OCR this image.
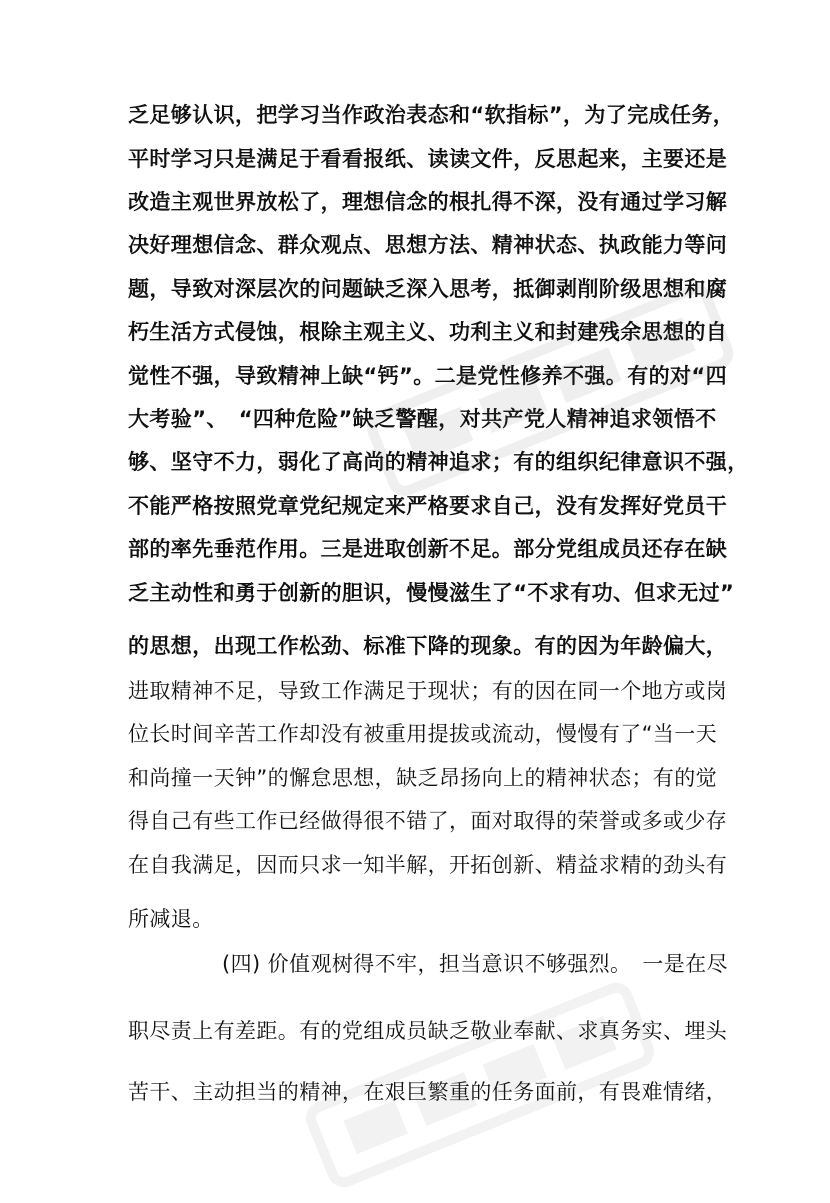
乏足够认识，把学习当作政治表态和“软指标”，为了完成任务，
平时学习只是满足于看看报纸、读读文件，反思起来，主要还是
改造主观世界放松了，理想信念的根扎得不深，没有通过学习解
决好理想信念、群众观点、思想方法、精神状态、执政能力等问
题，导致对深层次的问题缺乏深入思考，抵御剥削阶级思想和腐
朽生活方式侵蚀，根除主观主义、功利主义和封建残余思想的自
觉性不强，导致精神上缺“钙”。二是党性修养不强。有的对“四
大考验”、　“四种危险”缺乏警醒，对共产党人精神追求领悟不
够、坚守不力，弱化了高尚的精神追求；有的组织纪律意识不强，
不能严格按照党章党纪规定来严格要求自己，没有发挥好党员干
部的率先垂范作用。三是进取创新不足。部分党组成员还存在缺
乏主动性和勇于创新的胆识，慢慢滋生了“不求有功、但求无过”
的思想，出现工作松劲、标准下降的现象。有的因为年龄偏大，
进取精神不足，导致工作满足于现状；有的因在同一个地方或岗
位长时间辛苦工作却没有被重用提拔或流动，慢慢有了“当一天
和尚撞一天钟”的懈怠思想，缺乏昂扬向上的精神状态；有的觉
得自己有些工作已经做得很不错了，面对取得的荣誉或多或少存
在自我满足，因而只求一知半解，开拓创新、精益求精的劲头有
所减退。
(四) 价值观树得不牢，担当意识不够强烈。　一是在尽
职尽责上有差距。有的党组成员缺乏敬业奉献、求真务实、埋头
苦干、主动担当的精神，在艰巨繁重的任务面前，有畏难情绪，
